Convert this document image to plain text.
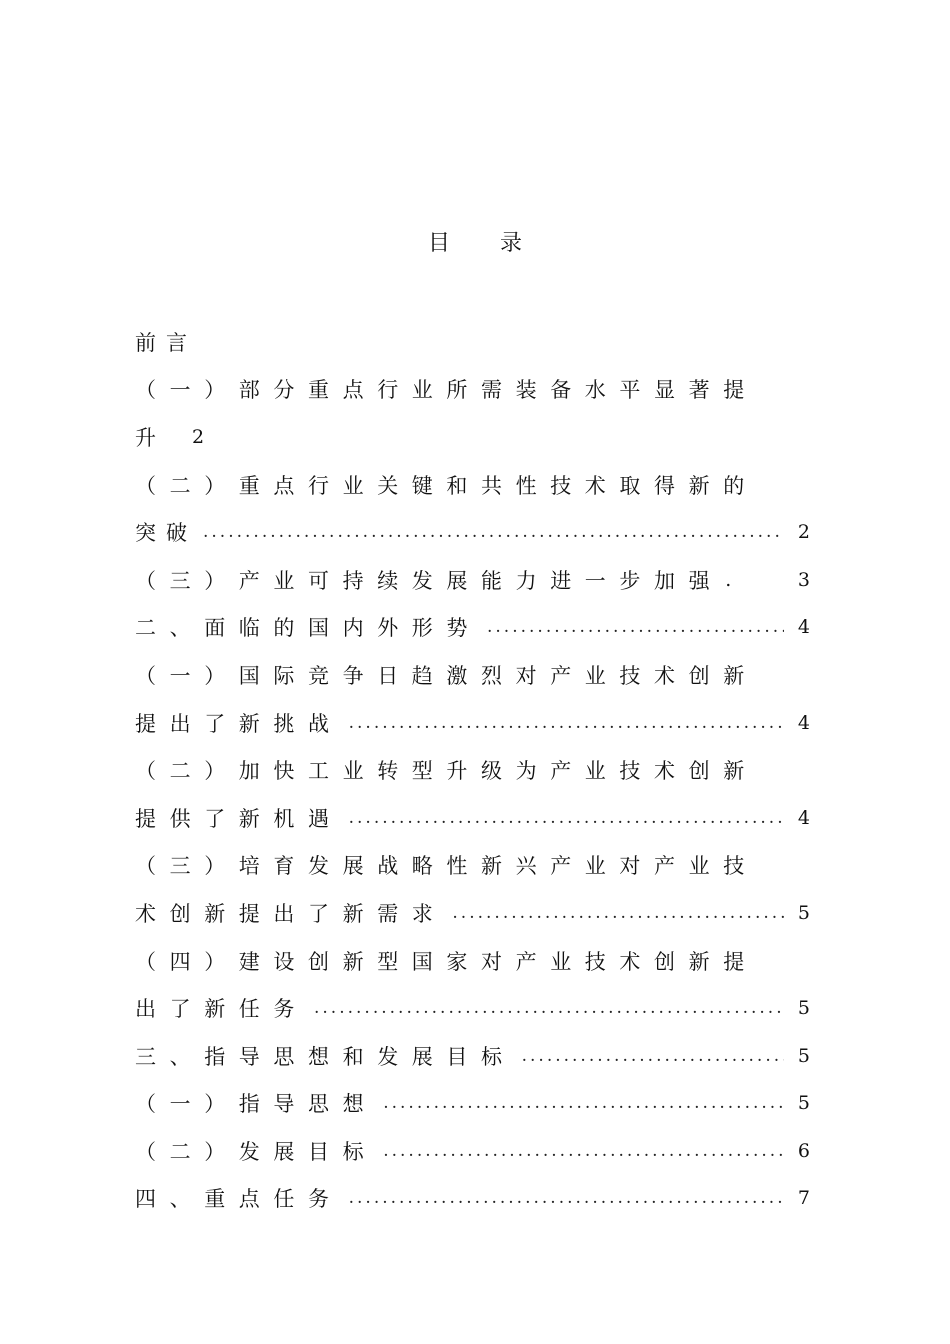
目录
前言
（一）部分重点行业所需装备水平显著提
升 2
（二）重点行业关键和共性技术取得新的
突破 .....	2
（三）产业可持续发展能力进一步加强 .	3
二、面临的国内外形势 .....	4
（一）国际竞争日趋激烈对产业技术创新
提出了新挑战 .....	4
（二）加快工业转型升级为产业技术创新
提供了新机遇 .....	4
（三）培育发展战略性新兴产业对产业技
术创新提出了新需求 .....	5
（四）建设创新型国家对产业技术创新提
出了新任务 .....	5
三、指导思想和发展目标 .....	5
（一）指导思想 .....	5
（二）发展目标 .....	6
四、重点任务 .....	7
